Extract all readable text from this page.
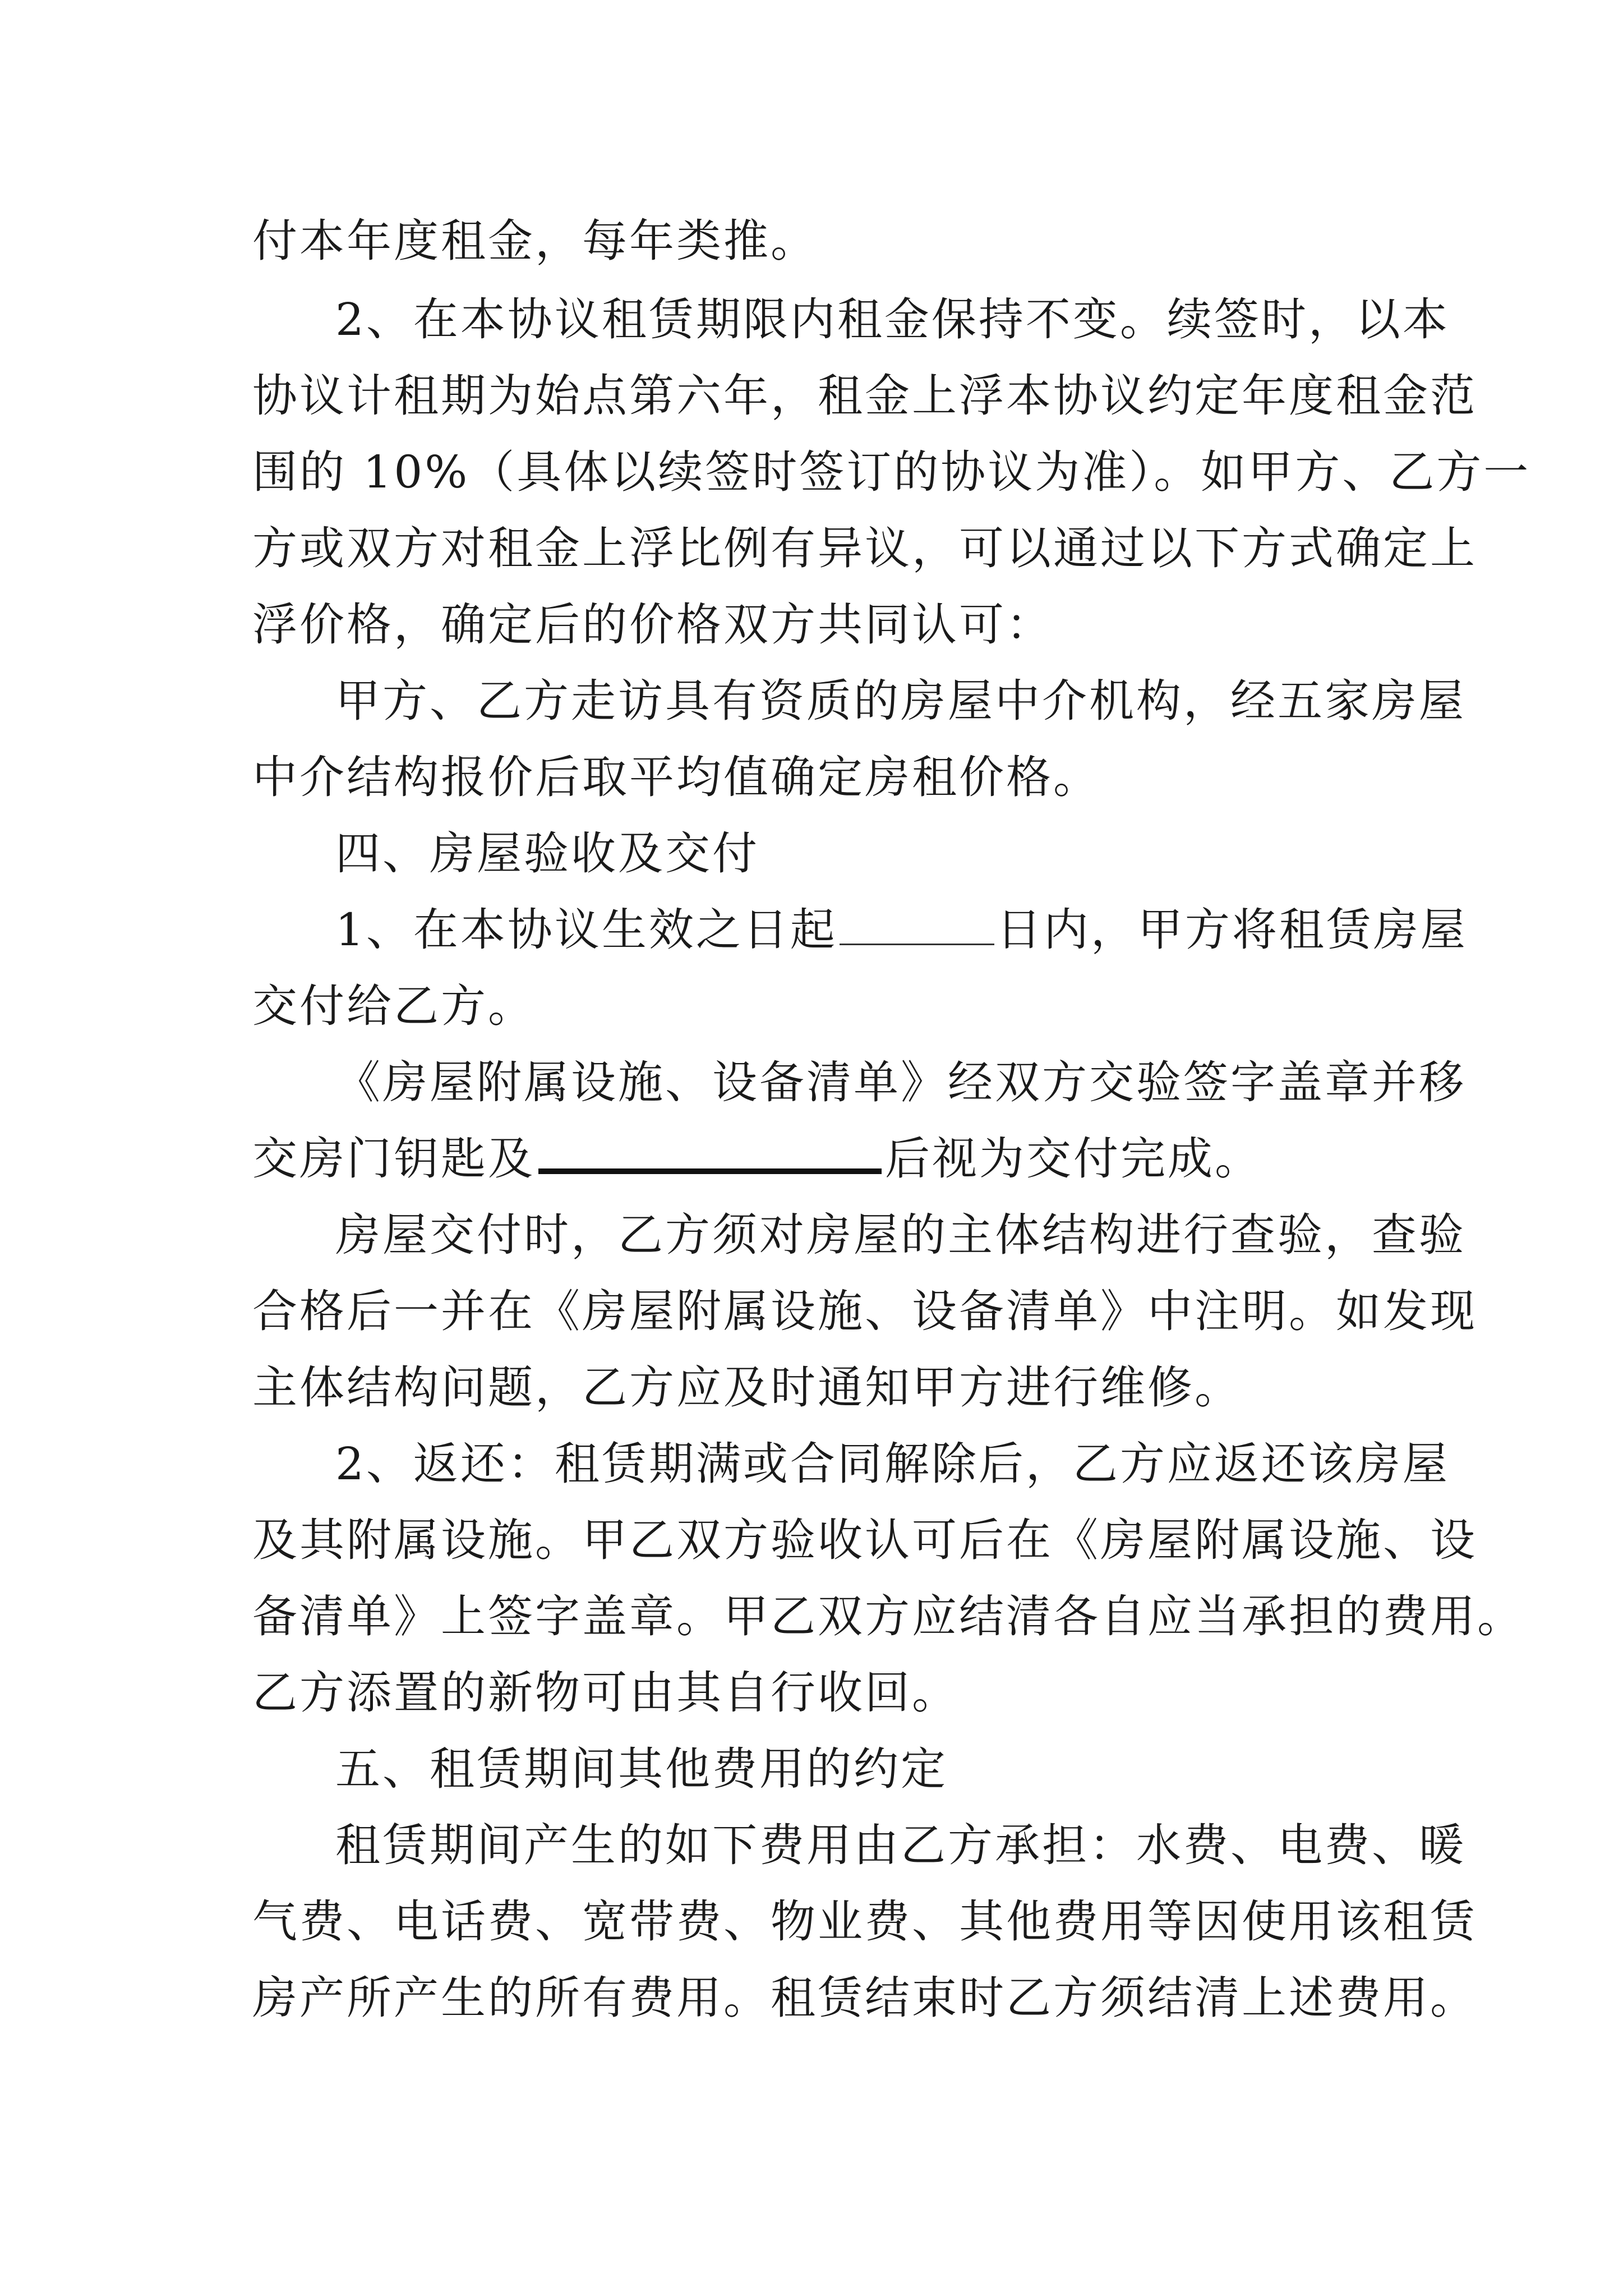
付本年度租金，每年类推。
2、在本协议租赁期限内租金保持不变。续签时，以本
协议计租期为始点第六年，租金上浮本协议约定年度租金范
围的 10%（具体以续签时签订的协议为准）。如甲方、乙方一
方或双方对租金上浮比例有异议，可以通过以下方式确定上
浮价格，确定后的价格双方共同认可：
甲方、乙方走访具有资质的房屋中介机构，经五家房屋
中介结构报价后取平均值确定房租价格。
四、房屋验收及交付
1、在本协议生效之日起	日内，甲方将租赁房屋
交付给乙方。
《房屋附属设施、设备清单》经双方交验签字盖章并移
交房门钥匙及	后视为交付完成。
房屋交付时，乙方须对房屋的主体结构进行查验，查验
合格后一并在《房屋附属设施、设备清单》中注明。如发现
主体结构问题，乙方应及时通知甲方进行维修。
2、返还：租赁期满或合同解除后，乙方应返还该房屋
及其附属设施。甲乙双方验收认可后在《房屋附属设施、设
备清单》上签字盖章。甲乙双方应结清各自应当承担的费用。
乙方添置的新物可由其自行收回。
五、租赁期间其他费用的约定
租赁期间产生的如下费用由乙方承担：水费、电费、暖
气费、电话费、宽带费、物业费、其他费用等因使用该租赁
房产所产生的所有费用。租赁结束时乙方须结清上述费用。
